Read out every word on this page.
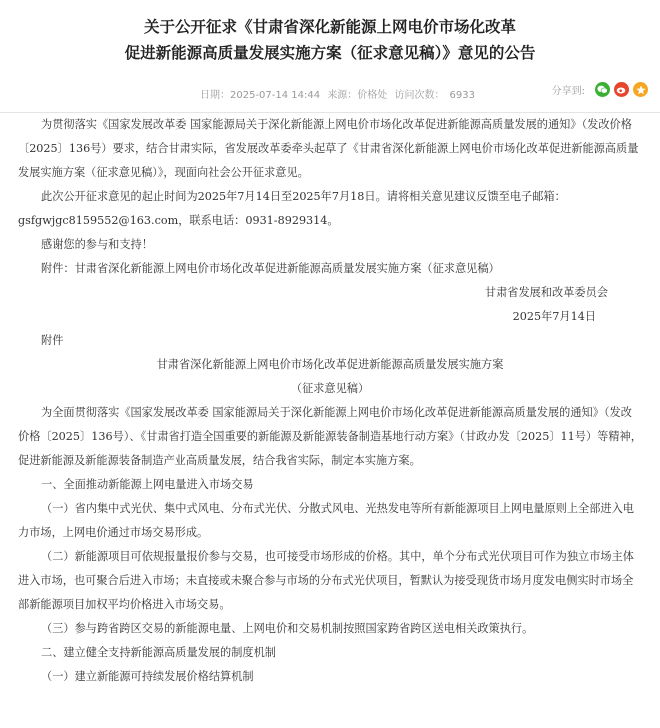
关于公开征求《甘肃省深化新能源上网电价市场化改革
促进新能源高质量发展实施方案（征求意见稿）》意见的公告
日期：2025-07-14 14:44 来源：价格处 访问次数：　6933	分享到:

为贯彻落实《国家发展改革委 国家能源局关于深化新能源上网电价市场化改革促进新能源高质量发展的通知》（发改价格〔2025〕136号）要求，结合甘肃实际，省发展改革委牵头起草了《甘肃省深化新能源上网电价市场化改革促进新能源高质量发展实施方案（征求意见稿）》，现面向社会公开征求意见。

此次公开征求意见的起止时间为2025年7月14日至2025年7月18日。请将相关意见建议反馈至电子邮箱：gsfgwjgc8159552@163.com，联系电话：0931-8929314。

感谢您的参与和支持！

附件：甘肃省深化新能源上网电价市场化改革促进新能源高质量发展实施方案（征求意见稿）

甘肃省发展和改革委员会

2025年7月14日

附件

甘肃省深化新能源上网电价市场化改革促进新能源高质量发展实施方案

（征求意见稿）

为全面贯彻落实《国家发展改革委 国家能源局关于深化新能源上网电价市场化改革促进新能源高质量发展的通知》（发改价格〔2025〕136号）、《甘肃省打造全国重要的新能源及新能源装备制造基地行动方案》（甘政办发〔2025〕11号）等精神，促进新能源及新能源装备制造产业高质量发展，结合我省实际，制定本实施方案。

一、全面推动新能源上网电量进入市场交易

（一）省内集中式光伏、集中式风电、分布式光伏、分散式风电、光热发电等所有新能源项目上网电量原则上全部进入电力市场，上网电价通过市场交易形成。

（二）新能源项目可依规报量报价参与交易，也可接受市场形成的价格。其中，单个分布式光伏项目可作为独立市场主体进入市场，也可聚合后进入市场；未直接或未聚合参与市场的分布式光伏项目，暂默认为接受现货市场月度发电侧实时市场全部新能源项目加权平均价格进入市场交易。

（三）参与跨省跨区交易的新能源电量、上网电价和交易机制按照国家跨省跨区送电相关政策执行。

二、建立健全支持新能源高质量发展的制度机制

（一）建立新能源可持续发展价格结算机制
